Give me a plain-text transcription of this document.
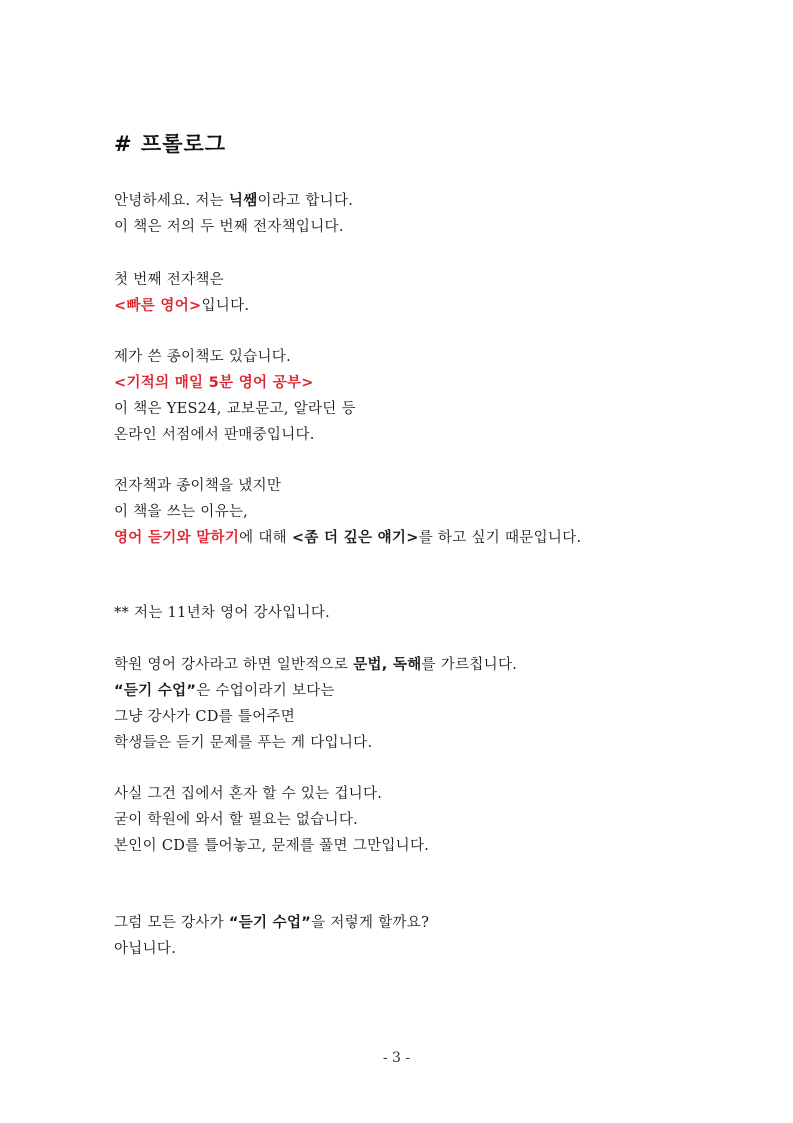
# 프롤로그

안녕하세요. 저는 닉쌤이라고 합니다.

이 책은 저의 두 번째 전자책입니다.

첫 번째 전자책은

<빠른 영어>입니다.

제가 쓴 종이책도 있습니다.

<기적의 매일 5분 영어 공부>

이 책은 YES24, 교보문고, 알라딘 등

온라인 서점에서 판매중입니다.

전자책과 종이책을 냈지만

이 책을 쓰는 이유는,

영어 듣기와 말하기에 대해 <좀 더 깊은 얘기>를 하고 싶기 때문입니다.

** 저는 11년차 영어 강사입니다.

학원 영어 강사라고 하면 일반적으로 문법, 독해를 가르칩니다.

“듣기 수업”은 수업이라기 보다는

그냥 강사가 CD를 틀어주면

학생들은 듣기 문제를 푸는 게 다입니다.

사실 그건 집에서 혼자 할 수 있는 겁니다.

굳이 학원에 와서 할 필요는 없습니다.

본인이 CD를 틀어놓고, 문제를 풀면 그만입니다.

그럼 모든 강사가 “듣기 수업”을 저렇게 할까요?

아닙니다.

- 3 -
